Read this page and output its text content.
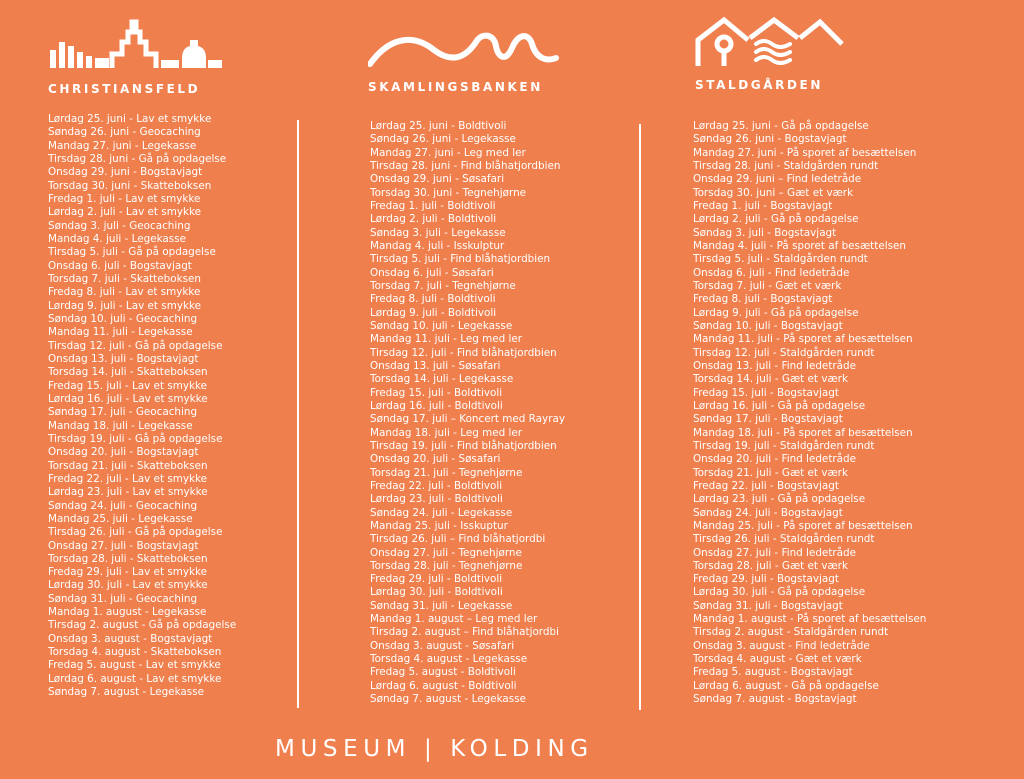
CHRISTIANSFELD	SKAMLINGSBANKEN	STALDGÅRDEN
Lørdag 25. juni - Lav et smykke
Søndag 26. juni - Geocaching
Mandag 27. juni - Legekasse
Tirsdag 28. juni - Gå på opdagelse
Onsdag 29. juni - Bogstavjagt
Torsdag 30. juni - Skatteboksen
Fredag 1. juli - Lav et smykke
Lørdag 2. juli - Lav et smykke
Søndag 3. juli - Geocaching
Mandag 4. juli - Legekasse
Tirsdag 5. juli - Gå på opdagelse
Onsdag 6. juli - Bogstavjagt
Torsdag 7. juli - Skatteboksen
Fredag 8. juli - Lav et smykke
Lørdag 9. juli - Lav et smykke
Søndag 10. juli - Geocaching
Mandag 11. juli - Legekasse
Tirsdag 12. juli - Gå på opdagelse
Onsdag 13. juli - Bogstavjagt
Torsdag 14. juli - Skatteboksen
Fredag 15. juli - Lav et smykke
Lørdag 16. juli - Lav et smykke
Søndag 17. juli - Geocaching
Mandag 18. juli - Legekasse
Tirsdag 19. juli - Gå på opdagelse
Onsdag 20. juli - Bogstavjagt
Torsdag 21. juli - Skatteboksen
Fredag 22. juli - Lav et smykke
Lørdag 23. juli - Lav et smykke
Søndag 24. juli - Geocaching
Mandag 25. juli - Legekasse
Tirsdag 26. juli - Gå på opdagelse
Onsdag 27. juli - Bogstavjagt
Torsdag 28. juli - Skatteboksen
Fredag 29. juli - Lav et smykke
Lørdag 30. juli - Lav et smykke
Søndag 31. juli - Geocaching
Mandag 1. august - Legekasse
Tirsdag 2. august - Gå på opdagelse
Onsdag 3. august - Bogstavjagt
Torsdag 4. august - Skatteboksen
Fredag 5. august - Lav et smykke
Lørdag 6. august - Lav et smykke
Søndag 7. august - Legekasse
Lørdag 25. juni - Boldtivoli
Søndag 26. juni - Legekasse
Mandag 27. juni - Leg med ler
Tirsdag 28. juni - Find blåhatjordbien
Onsdag 29. juni - Søsafari
Torsdag 30. juni - Tegnehjørne
Fredag 1. juli - Boldtivoli
Lørdag 2. juli - Boldtivoli
Søndag 3. juli - Legekasse
Mandag 4. juli - Isskulptur
Tirsdag 5. juli - Find blåhatjordbien
Onsdag 6. juli - Søsafari
Torsdag 7. juli - Tegnehjørne
Fredag 8. juli - Boldtivoli
Lørdag 9. juli - Boldtivoli
Søndag 10. juli - Legekasse
Mandag 11. juli - Leg med ler
Tirsdag 12. juli - Find blåhatjordbien
Onsdag 13. juli - Søsafari
Torsdag 14. juli - Legekasse
Fredag 15. juli - Boldtivoli
Lørdag 16. juli - Boldtivoli
Søndag 17. juli – Koncert med Rayray
Mandag 18. juli - Leg med ler
Tirsdag 19. juli - Find blåhatjordbien
Onsdag 20. juli - Søsafari
Torsdag 21. juli - Tegnehjørne
Fredag 22. juli - Boldtivoli
Lørdag 23. juli - Boldtivoli
Søndag 24. juli - Legekasse
Mandag 25. juli - Isskuptur
Tirsdag 26. juli – Find blåhatjordbi
Onsdag 27. juli - Tegnehjørne
Torsdag 28. juli - Tegnehjørne
Fredag 29. juli - Boldtivoli
Lørdag 30. juli - Boldtivoli
Søndag 31. juli - Legekasse
Mandag 1. august – Leg med ler
Tirsdag 2. august – Find blåhatjordbi
Onsdag 3. august - Søsafari
Torsdag 4. august - Legekasse
Fredag 5. august - Boldtivoli
Lørdag 6. august - Boldtivoli
Søndag 7. august - Legekasse
Lørdag 25. juni - Gå på opdagelse
Søndag 26. juni - Bogstavjagt
Mandag 27. juni - På sporet af besættelsen
Tirsdag 28. juni - Staldgården rundt
Onsdag 29. juni – Find ledetråde
Torsdag 30. juni – Gæt et værk
Fredag 1. juli - Bogstavjagt
Lørdag 2. juli - Gå på opdagelse
Søndag 3. juli - Bogstavjagt
Mandag 4. juli - På sporet af besættelsen
Tirsdag 5. juli - Staldgården rundt
Onsdag 6. juli - Find ledetråde
Torsdag 7. juli - Gæt et værk
Fredag 8. juli - Bogstavjagt
Lørdag 9. juli - Gå på opdagelse
Søndag 10. juli - Bogstavjagt
Mandag 11. juli - På sporet af besættelsen
Tirsdag 12. juli - Staldgården rundt
Onsdag 13. juli - Find ledetråde
Torsdag 14. juli - Gæt et værk
Fredag 15. juli - Bogstavjagt
Lørdag 16. juli - Gå på opdagelse
Søndag 17. juli - Bogstavjagt
Mandag 18. juli - På sporet af besættelsen
Tirsdag 19. juli - Staldgården rundt
Onsdag 20. juli - Find ledetråde
Torsdag 21. juli - Gæt et værk
Fredag 22. juli - Bogstavjagt
Lørdag 23. juli - Gå på opdagelse
Søndag 24. juli - Bogstavjagt
Mandag 25. juli - På sporet af besættelsen
Tirsdag 26. juli - Staldgården rundt
Onsdag 27. juli - Find ledetråde
Torsdag 28. juli - Gæt et værk
Fredag 29. juli - Bogstavjagt
Lørdag 30. juli - Gå på opdagelse
Søndag 31. juli - Bogstavjagt
Mandag 1. august - På sporet af besættelsen
Tirsdag 2. august - Staldgården rundt
Onsdag 3. august - Find ledetråde
Torsdag 4. august - Gæt et værk
Fredag 5. august - Bogstavjagt
Lørdag 6. august - Gå på opdagelse
Søndag 7. august - Bogstavjagt
MUSEUM | KOLDING
